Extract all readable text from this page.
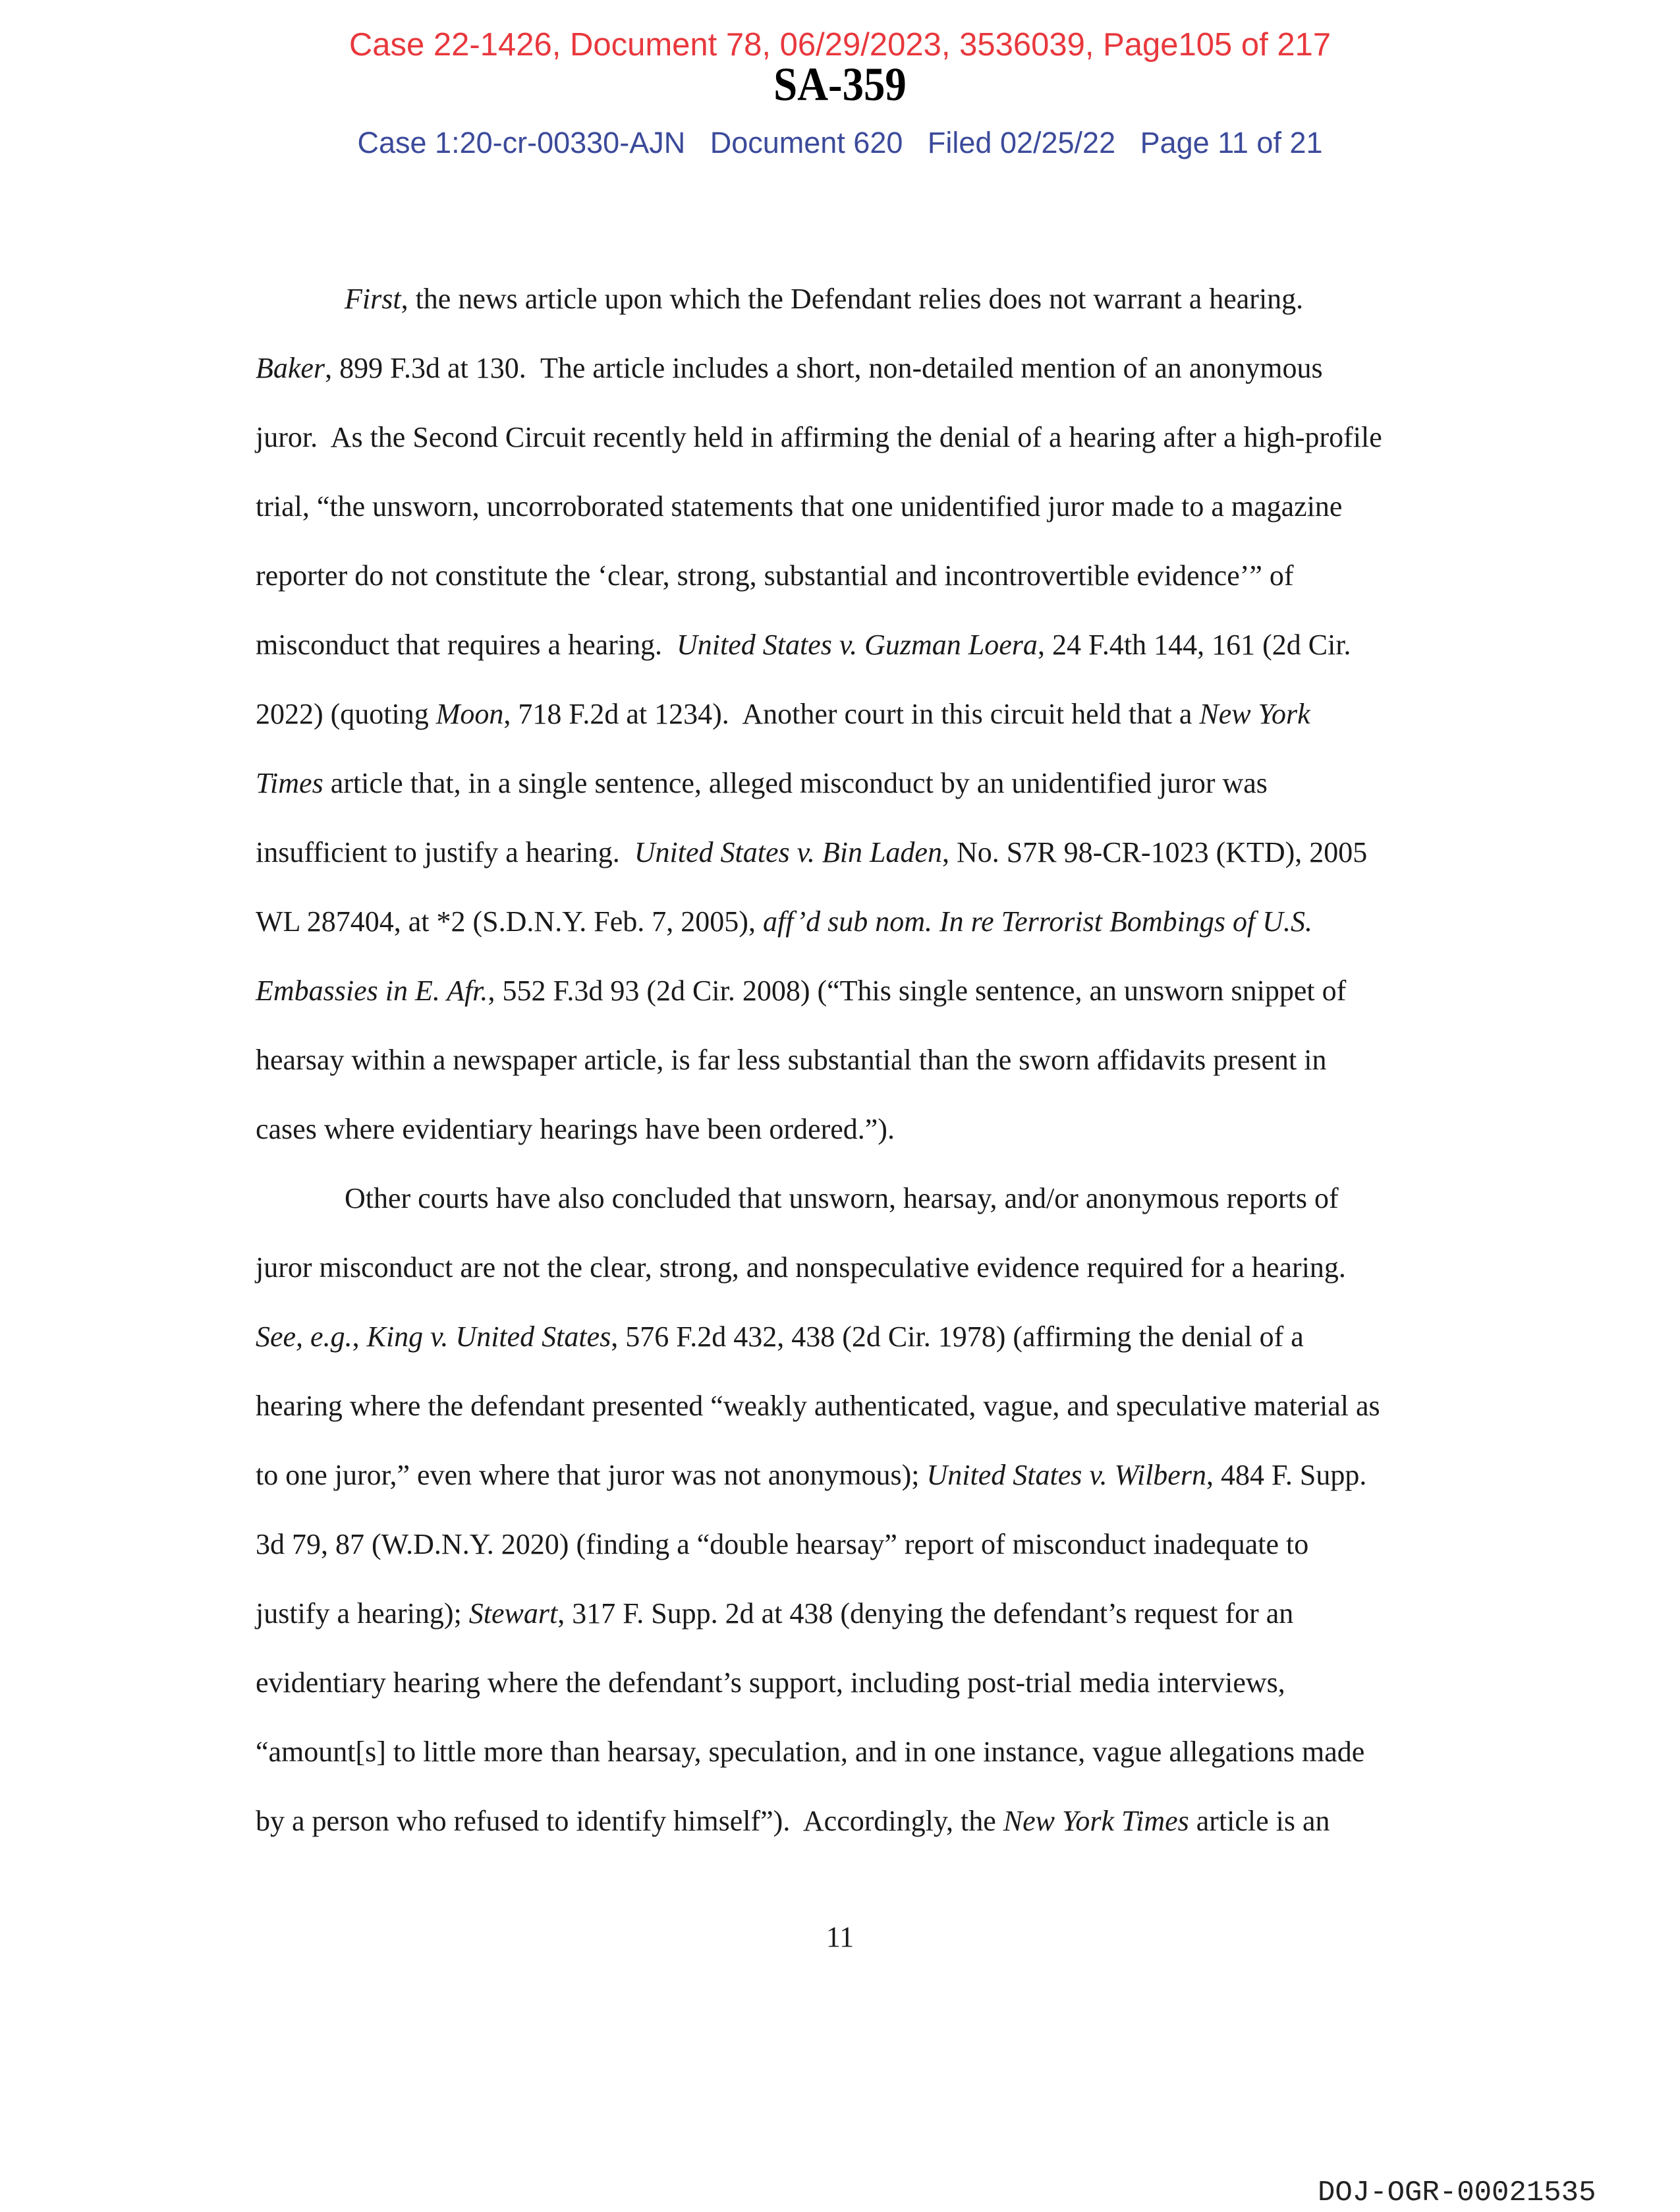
Case 22-1426, Document 78, 06/29/2023, 3536039, Page105 of 217
SA-359
Case 1:20-cr-00330-AJN   Document 620   Filed 02/25/22   Page 11 of 21
First, the news article upon which the Defendant relies does not warrant a hearing.
Baker, 899 F.3d at 130.  The article includes a short, non-detailed mention of an anonymous
juror.  As the Second Circuit recently held in affirming the denial of a hearing after a high-profile
trial, “the unsworn, uncorroborated statements that one unidentified juror made to a magazine
reporter do not constitute the ‘clear, strong, substantial and incontrovertible evidence’” of
misconduct that requires a hearing.  United States v. Guzman Loera, 24 F.4th 144, 161 (2d Cir.
2022) (quoting Moon, 718 F.2d at 1234).  Another court in this circuit held that a New York
Times article that, in a single sentence, alleged misconduct by an unidentified juror was
insufficient to justify a hearing.  United States v. Bin Laden, No. S7R 98-CR-1023 (KTD), 2005
WL 287404, at *2 (S.D.N.Y. Feb. 7, 2005), aff’d sub nom. In re Terrorist Bombings of U.S.
Embassies in E. Afr., 552 F.3d 93 (2d Cir. 2008) (“This single sentence, an unsworn snippet of
hearsay within a newspaper article, is far less substantial than the sworn affidavits present in
cases where evidentiary hearings have been ordered.”).
Other courts have also concluded that unsworn, hearsay, and/or anonymous reports of
juror misconduct are not the clear, strong, and nonspeculative evidence required for a hearing.
See, e.g., King v. United States, 576 F.2d 432, 438 (2d Cir. 1978) (affirming the denial of a
hearing where the defendant presented “weakly authenticated, vague, and speculative material as
to one juror,” even where that juror was not anonymous); United States v. Wilbern, 484 F. Supp.
3d 79, 87 (W.D.N.Y. 2020) (finding a “double hearsay” report of misconduct inadequate to
justify a hearing); Stewart, 317 F. Supp. 2d at 438 (denying the defendant’s request for an
evidentiary hearing where the defendant’s support, including post-trial media interviews,
“amount[s] to little more than hearsay, speculation, and in one instance, vague allegations made
by a person who refused to identify himself”).  Accordingly, the New York Times article is an
11
DOJ-OGR-00021535
